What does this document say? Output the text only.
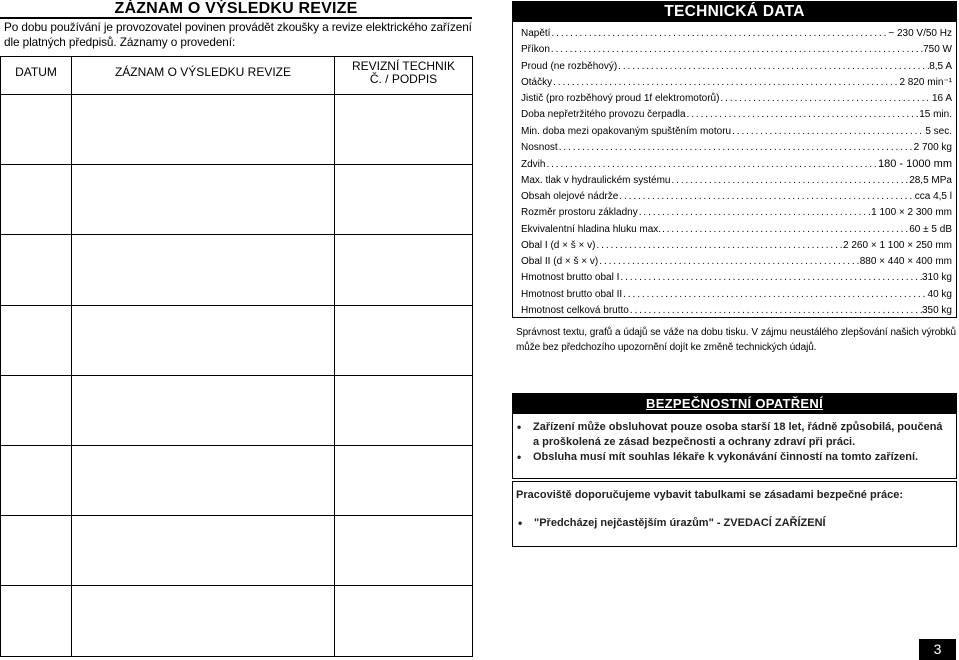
ZÁZNAM O VÝSLEDKU REVIZE
Po dobu používání je provozovatel povinen provádět zkoušky a revize elektrického zařízení dle platných předpisů. Záznamy o provedení:
DATUM	ZÁZNAM O VÝSLEDKU REVIZE	REVIZNÍ TECHNIK
Č. / PODPIS

TECHNICKÁ DATA
Napětí .....	~ 230 V/50 Hz
Příkon .....	750 W
Proud (ne rozběhový) .....	8,5 A
Otáčky .....	2 820 min⁻¹
Jistič (pro rozběhový proud 1f elektromotorů) .....	16 A
Doba nepřetržitého provozu čerpadla .....	15 min.
Min. doba mezi opakovaným spuštěním motoru .....	5 sec.
Nosnost .....	2 700 kg
Zdvih .....	180 - 1000 mm
Max. tlak v hydraulickém systému .....	28,5 MPa
Obsah olejové nádrže .....	cca 4,5 l
Rozměr prostoru základny .....	1 100 × 2 300 mm
Ekvivalentní hladina hluku max. .....	60 ± 5 dB
Obal I (d × š × v) .....	2 260 × 1 100 × 250 mm
Obal II (d × š × v) .....	880 × 440 × 400 mm
Hmotnost brutto obal I .....	310 kg
Hmotnost brutto obal II .....	40 kg
Hmotnost celková brutto .....	350 kg
Správnost textu, grafů a údajů se váže na dobu tisku. V zájmu neustálého zlepšování našich výrobků může bez předchozího upozornění dojít ke změně technických údajů.
BEZPEČNOSTNÍ OPATŘENÍ
• Zařízení může obsluhovat pouze osoba starší 18 let, řádně způsobilá, poučená a proškolená ze zásad bezpečnosti a ochrany zdraví při práci.
• Obsluha musí mít souhlas lékaře k vykonávání činností na tomto zařízení.
Pracoviště doporučujeme vybavit tabulkami se zásadami bezpečné práce:
• "Předcházej nejčastějším úrazům" - ZVEDACÍ ZAŘÍZENÍ
3
